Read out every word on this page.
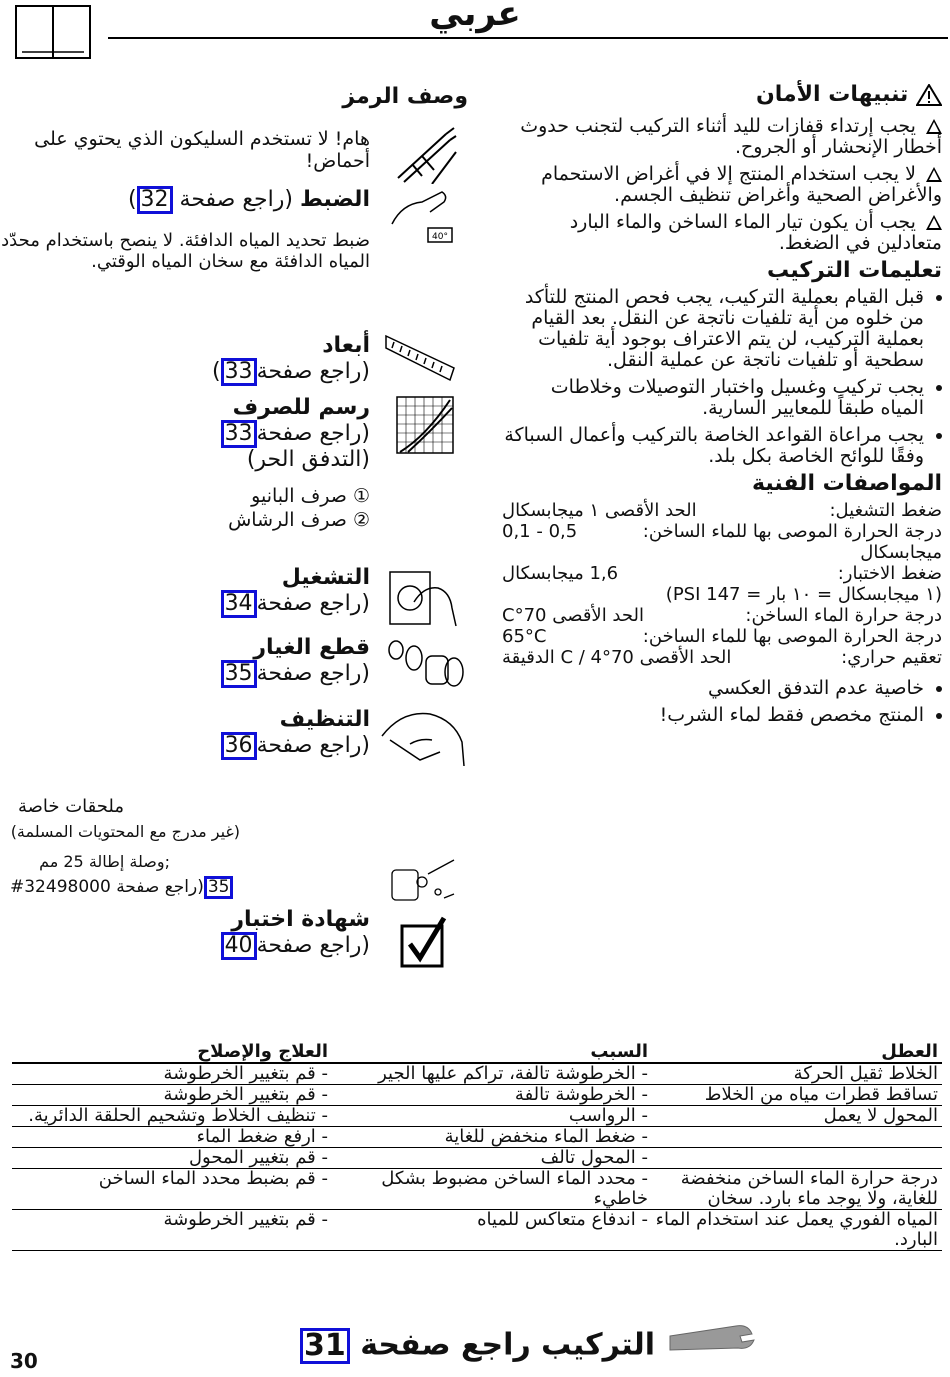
عربي
تنبيهات الأمان

يجب إرتداء قفازات لليد أثناء التركيب لتجنب حدوث أخطار الإنحشار أو الجروح.

لا يجب استخدام المنتج إلا في أغراض الاستحمام والأغراض الصحية وأغراض تنظيف الجسم.

يجب أن يكون تيار الماء الساخن والماء البارد متعادلين في الضغط.

تعليمات التركيب
• قبل القيام بعملية التركيب، يجب فحص المنتج للتأكد من خلوه من أية تلفيات ناتجة عن النقل. بعد القيام بعملية التركيب، لن يتم الاعتراف بوجود أية تلفيات سطحية أو تلفيات ناتجة عن عملية النقل.
• يجب تركيب وغسيل واختبار التوصيلات وخلاطات المياه طبقاً للمعايير السارية.
• يجب مراعاة القواعد الخاصة بالتركيب وأعمال السباكة وفقًا للوائح الخاصة بكل بلد.
المواصفات الفنية
ضغط التشغيل:
الحد الأقصى ١ ميجابسكال
درجة الحرارة الموصى بها للماء الساخن:
0,1 - 0,5
ميجابسكال
ضغط الاختبار:
1,6 ميجابسكال
(١ ميجابسكال = ١٠ بار = 147 PSI)
درجة حرارة الماء الساخن:
الحد الأقصى 70°C
درجة الحرارة الموصى بها للماء الساخن:
65°C
تعقيم حراري:
الحد الأقصى 70°C / 4 الدقيقة
• خاصية عدم التدفق العكسي
• المنتج مخصص فقط لماء الشرب!
وصف الرمز
هام! لا تستخدم السليكون الذي يحتوي على أحماض!
40°
الضبط (راجع صفحة 32)
ضبط تحديد المياه الدافئة. لا ينصح باستخدام محدّد المياه الدافئة مع سخان المياه الوقتي.
أبعاد
(راجع صفحة33)
رسم للصرف
(راجع صفحة33
(التدفق الحر)
① صرف البانيو
② صرف الرشاش
التشغيل
(راجع صفحة34
قطع الغيار
(راجع صفحة35
التنظيف
(راجع صفحة36
ملحقات خاصة
(غير مدرج مع المحتويات المسلمة)
;وصلة إطالة 25 مم
#32498000 راجع صفحة) 35
شهادة اختبار
(راجع صفحة40
العطل	السبب	العلاج والإصلاح
الخلاط ثقيل الحركة	- الخرطوشة تالفة، تراكم عليها الجير	- قم بتغيير الخرطوشة
تساقط قطرات مياه من الخلاط	- الخرطوشة تالفة	- قم بتغيير الخرطوشة
المحول لا يعمل	- الرواسب	- تنظيف الخلاط وتشحيم الحلقة الدائرية.
	- ضغط الماء منخفض للغاية	- ارفع ضغط الماء
	- المحول تالف	- قم بتغيير المحول
درجة حرارة الماء الساخن منخفضة للغاية، ولا يوجد ماء بارد. سخان	- محدد الماء الساخن مضبوط بشكل خاطيء	- قم بضبط محدد الماء الساخن
المياه الفوري يعمل عند استخدام الماء البارد.	- اندفاع متعاكس للمياه	- قم بتغيير الخرطوشة
التركيب راجع صفحة 31
30
